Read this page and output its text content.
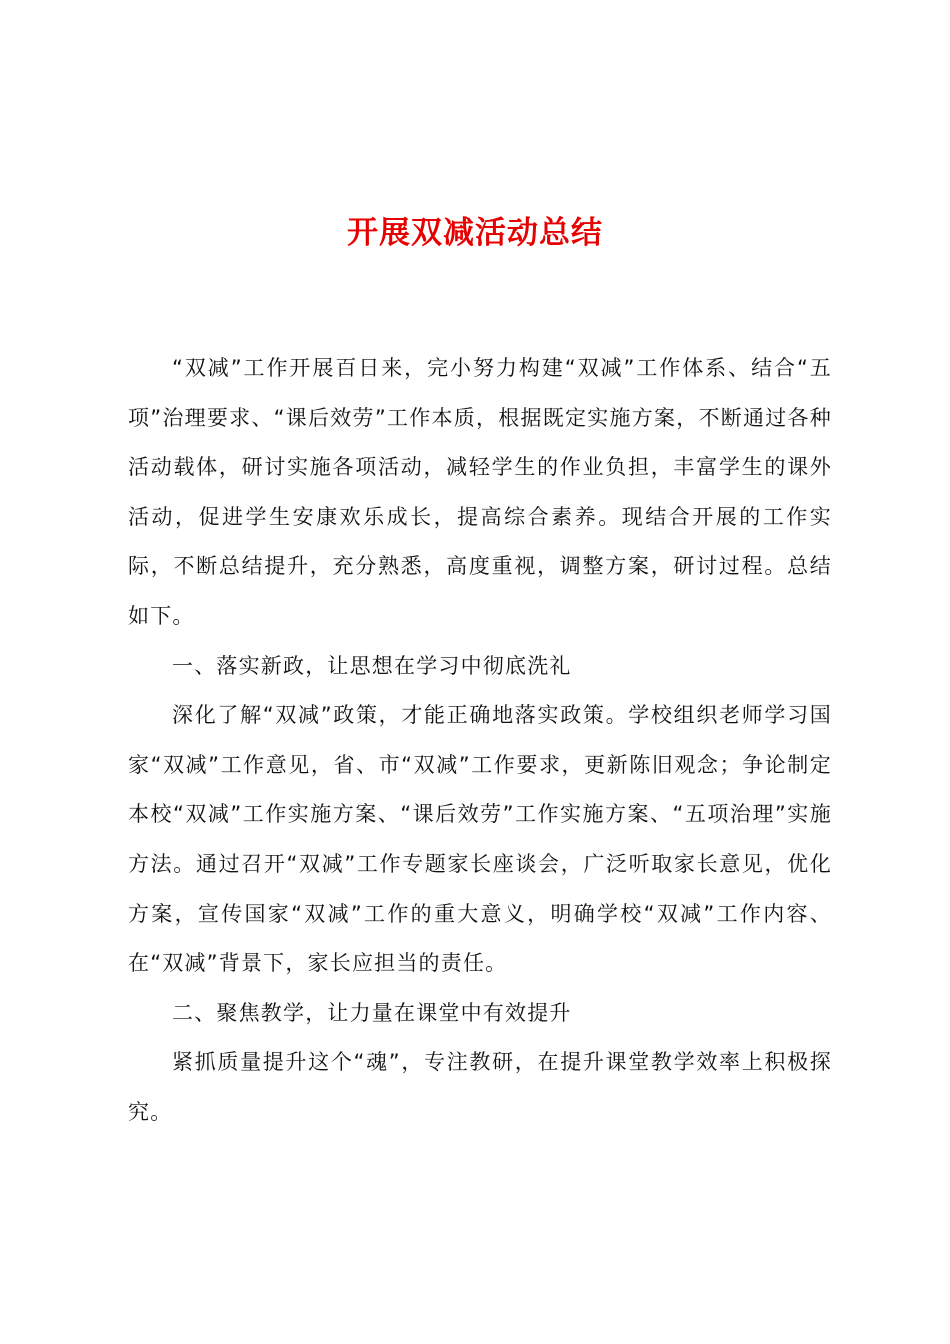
开展双减活动总结

“双减”工作开展百日来，完小努力构建“双减”工作体系、结合“五项”治理要求、“课后效劳”工作本质，根据既定实施方案，不断通过各种活动载体，研讨实施各项活动，减轻学生的作业负担，丰富学生的课外活动，促进学生安康欢乐成长，提高综合素养。现结合开展的工作实际，不断总结提升，充分熟悉，高度重视，调整方案，研讨过程。总结如下。

一、落实新政，让思想在学习中彻底洗礼

深化了解“双减”政策，才能正确地落实政策。学校组织老师学习国家“双减”工作意见，省、市“双减”工作要求，更新陈旧观念；争论制定本校“双减”工作实施方案、“课后效劳”工作实施方案、“五项治理”实施方法。通过召开“双减”工作专题家长座谈会，广泛听取家长意见，优化方案，宣传国家“双减”工作的重大意义，明确学校“双减”工作内容、在“双减”背景下，家长应担当的责任。

二、聚焦教学，让力量在课堂中有效提升

紧抓质量提升这个“魂”，专注教研，在提升课堂教学效率上积极探究。
